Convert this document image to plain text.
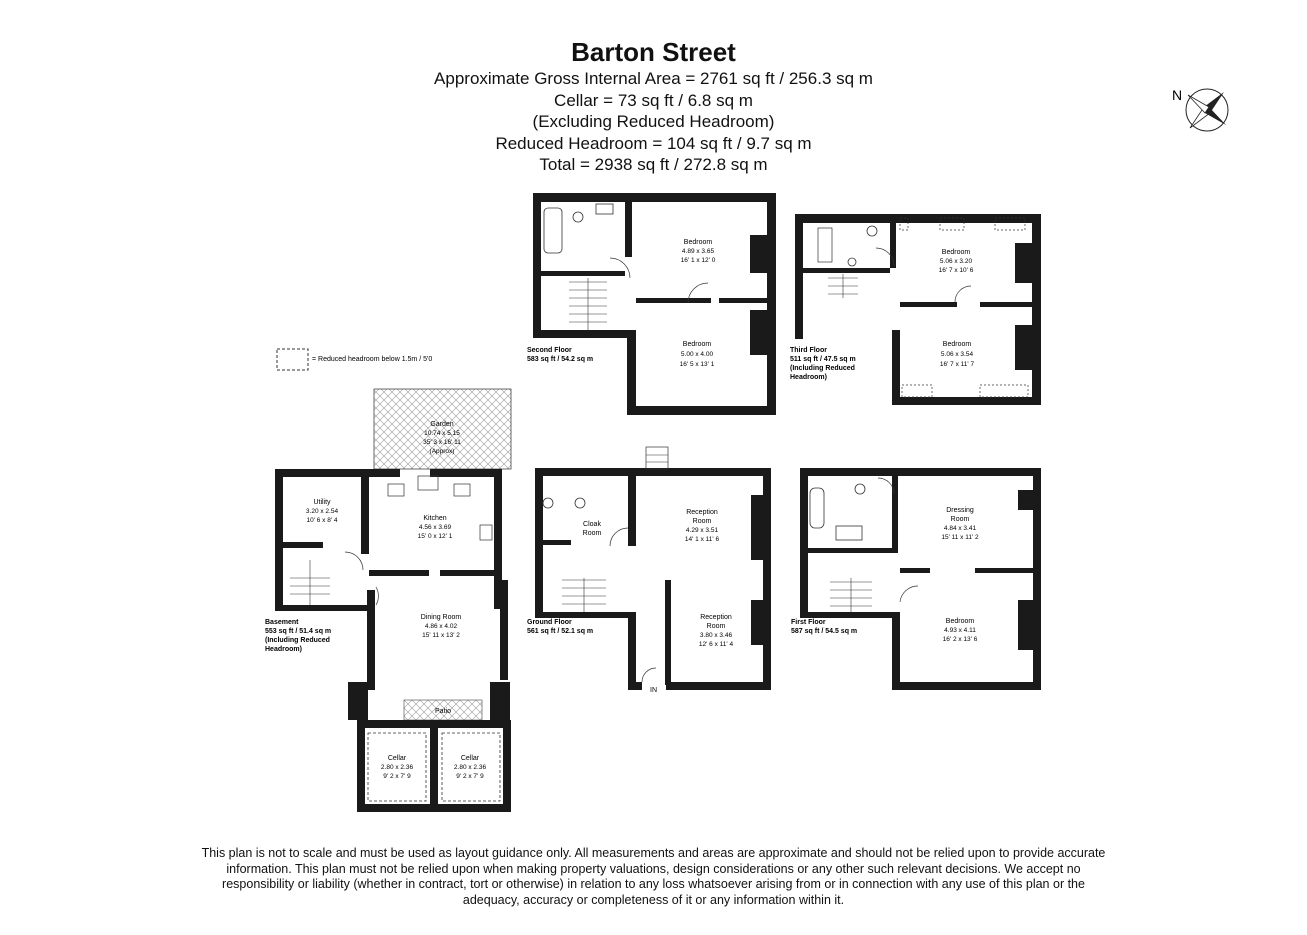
Barton Street
Approximate Gross Internal Area = 2761 sq ft / 256.3 sq m
Cellar = 73 sq ft / 6.8 sq m
(Excluding Reduced Headroom)
Reduced Headroom = 104 sq ft / 9.7 sq m
Total = 2938 sq ft / 272.8 sq m
N
= Reduced headroom below 1.5m / 5'0
Bedroom
4.89 x 3.65
16' 1 x 12' 0
Bedroom
5.00 x 4.00
16' 5 x 13' 1
Second Floor
583 sq ft / 54.2 sq m
Bedroom
5.06 x 3.20
16' 7 x 10' 6
Bedroom
5.06 x 3.54
16' 7 x 11' 7
Third Floor
511 sq ft / 47.5 sq m
(Including Reduced
Headroom)
Garden
10.74 x 5.15
35' 3 x 16' 11
(Approx)
Utility
3.20 x 2.54
10' 6 x 8' 4	Kitchen
4.56 x 3.69
15' 0 x 12' 1
Dining Room
4.86 x 4.02
15' 11 x 13' 2
Patio
Cellar
2.80 x 2.36
9' 2 x 7' 9
Cellar
2.80 x 2.36
9' 2 x 7' 9
Basement
553 sq ft / 51.4 sq m
(Including Reduced
Headroom)
Cloak
Room
Reception
Room
4.29 x 3.51
14' 1 x 11' 6
Reception
Room
3.80 x 3.46
12' 6 x 11' 4
IN
Ground Floor
561 sq ft / 52.1 sq m
Dressing
Room
4.84 x 3.41
15' 11 x 11' 2
Bedroom
4.93 x 4.11
16' 2 x 13' 6
First Floor
587 sq ft / 54.5 sq m
This plan is not to scale and must be used as layout guidance only. All measurements and areas are approximate and should not be relied upon to provide accurate information. This plan must not be relied upon when making property valuations, design considerations or any other such relevant decisions. We accept no responsibility or liability (whether in contract, tort or otherwise) in relation to any loss whatsoever arising from or in connection with any use of this plan or the adequacy, accuracy or completeness of it or any information within it.
